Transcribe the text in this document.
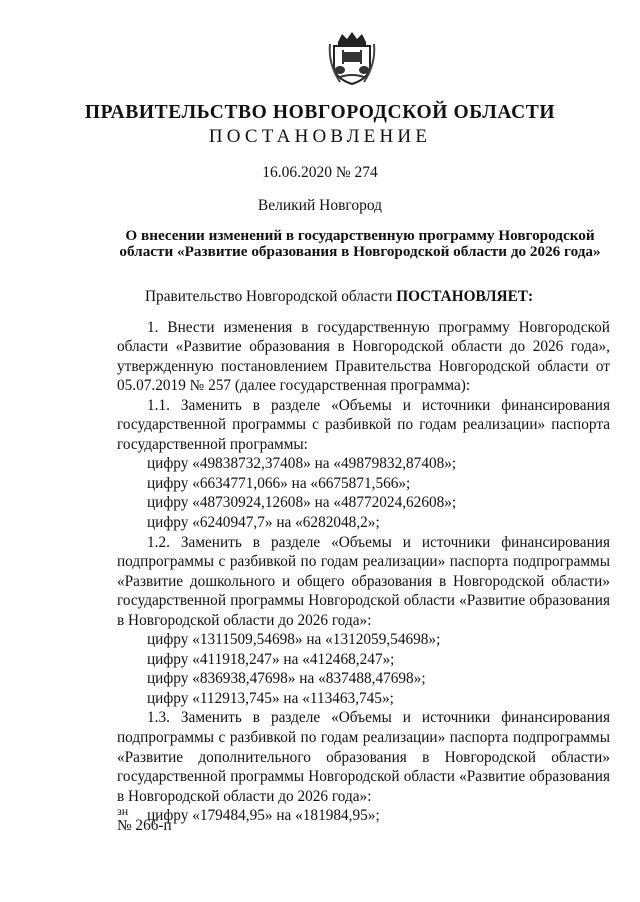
ПРАВИТЕЛЬСТВО НОВГОРОДСКОЙ ОБЛАСТИ
ПОСТАНОВЛЕНИЕ
16.06.2020 № 274
Великий Новгород
О внесении изменений в государственную программу Новгородской
области «Развитие образования в Новгородской области до 2026 года»

Правительство Новгородской области ПОСТАНОВЛЯЕТ:

1. Внести изменения в государственную программу Новгородской области «Развитие образования в Новгородской области до 2026 года», утвержденную постановлением Правительства Новгородской области от 05.07.2019 № 257 (далее государственная программа):

1.1. Заменить в разделе «Объемы и источники финансирования государственной программы с разбивкой по годам реализации» паспорта государственной программы:

цифру «49838732,37408» на «49879832,87408»;

цифру «6634771,066» на «6675871,566»;

цифру «48730924,12608» на «48772024,62608»;

цифру «6240947,7» на «6282048,2»;

1.2. Заменить в разделе «Объемы и источники финансирования подпрограммы с разбивкой по годам реализации» паспорта подпрограммы «Развитие дошкольного и общего образования в Новгородской области» государственной программы Новгородской области «Развитие образования в Новгородской области до 2026 года»:

цифру «1311509,54698» на «1312059,54698»;

цифру «411918,247» на «412468,247»;

цифру «836938,47698» на «837488,47698»;

цифру «112913,745» на «113463,745»;

1.3. Заменить в разделе «Объемы и источники финансирования подпрограммы с разбивкой по годам реализации» паспорта подпрограммы «Развитие дополнительного образования в Новгородской области» государственной программы Новгородской области «Развитие образования в Новгородской области до 2026 года»:

цифру «179484,95» на «181984,95»;

зн
№ 266-п
